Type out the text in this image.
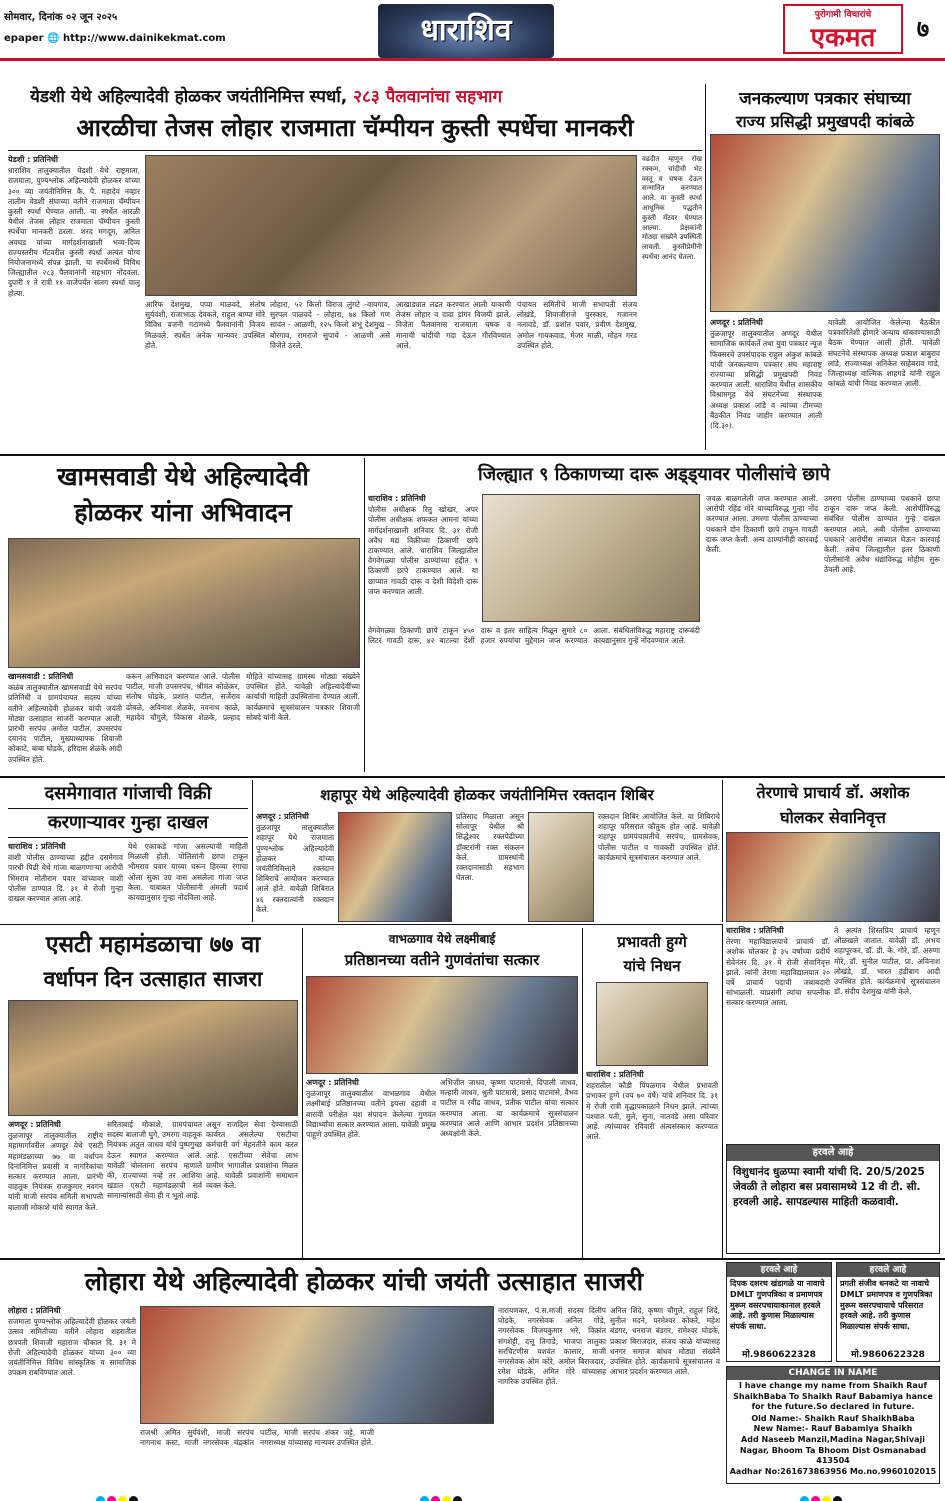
सोमवार, दिनांक ०२ जून २०२५
epaper 🌐 http://www.dainikekmat.com	धाराशिव	पुरोगामी विचारांचे
एकमत	७
येडशी येथे अहिल्यादेवी होळकर जयंतीनिमित्त स्पर्धा, २८३ पैलवानांचा सहभाग
आरळीचा तेजस लोहार राजमाता चॅम्पीयन कुस्ती स्पर्धेचा मानकरी
येडशी : प्रतिनिधी
धाराशिव तालुक्यातील येडशी येथे राष्ट्रमाता, राजमाता, पुण्यश्लोक अहिल्यादेवी होळकर यांच्या ३०० व्या जयंतीनिमित्त कै. पै. महादेव नव्हार तालीम येडशी संघाच्या वतीने राजमाता चॅम्पीयन कुस्ती स्पर्धा घेण्यात आली. या स्पर्धेत आरळी येथील तेजस लोहार राजमाता चॅम्पीयन कुस्ती स्पर्धेचा मानकरी ठरला. शरद मगदूम, अनिल अवघड यांच्या मार्गदर्शनाखाली भव्य-दिव्य राज्यस्तरीय मॅटवरील कुस्ती स्पर्धा अत्यंत योग्य नियोजनामध्ये संपन्न झाली. या स्पर्धेमध्ये विविध जिल्ह्यातील २८३ पैलवानांनी सहभाग नोंदवला. दुपारी १ ते रात्री ११ वाजेपर्यंत सलग स्पर्धा चालू होत्या.
आरिफ देशमुख, पप्पा माळवदे, संतोष सुर्यवंशी, राजाभाऊ देवकते, राहुल बाप्पा मोरे विविध वजनी गटामध्ये पैलवानांनी विजय मिळवले. स्पर्धेत अनेक मान्यवर उपस्थित होते.
लोहारा, ५२ किलो विराज लुंगटे -वायगाव, सुरपल पाळवदे - लोहारा, ७४ किलो गण सावंत - आळणी, १२५ किलो शंभू देशमुख - बोरगाव, रामराजे सुपाचे - आळणी असे विजेते ठरले.
आखाड्यात लढत करण्यात आली याकामी तेजस लोहार व दादा डांगर विजयी झाले. विजेता पैलवानास राजमाता चषक व मानाची चांदीची गदा देऊन गौरविण्यात आले.
पंचायत समितीचे माजी सभापती संजय लोखंडे, शिवाजीराजे पुरस्कार, गजानन नलावडे, डॉ. प्रशांत पवार, प्रवीण देशमुख, अमोल गायकवाड, मेजर माळी, मोहन गरड उपस्थित होते.
वढदीत म्हणून रोख रक्कम, चांदीची भेट वस्तू व चषक देऊन सन्मानित करण्यात आले. या कुस्ती स्पर्धा आधुनिक पद्धतीने कुस्ती मॅटवर घेण्यात आल्या. प्रेक्षकांनी मोठ्या संख्येने उपस्थिती लावली. कुस्तीप्रेमींनी स्पर्धेचा आनंद घेतला.
जनकल्याण पत्रकार संघाच्या
राज्य प्रसिद्धी प्रमुखपदी कांबळे
अणदूर : प्रतिनिधी
तुळजापूर तालुक्यातील अणदूर येथील सामाजिक कार्यकर्ते तथा युवा पत्रकार न्यूज फिक्सरचे उपसंपादक राहुल अंकुश कांबळे यांची जनकल्याण पत्रकार संघ महाराष्ट्र राज्याच्या प्रसिद्धी प्रमुखपदी निवड करण्यात आली. धाराशिव येथील शासकीय विश्रामगृह येथे संघटनेच्या संस्थापक अध्यक्ष प्रकाश लांडे व त्यांच्या टीमच्या बैठकीत निवड जाहीर करण्यात आली (दि.३०).
यावेळी आयोजित केलेल्या बैठकीत पत्रकारितेशी होणारे अन्याय थांबवण्यासाठी बैठक घेण्यात आली होती. यावेळी संघटनेचे संस्थापक अध्यक्ष प्रकाश बाबुराव लांडे, राज्याध्यक्ष अनिकेत साहेबराव गाडे, जिल्हाध्यक्ष वाल्मिक शाहगडे यांनी राहुल कांबळे यांची निवड करण्यात आली.
खामसवाडी येथे अहिल्यादेवी
होळकर यांना अभिवादन
खामसवाडी : प्रतिनिधी
कळंब तालुक्यातील खामसवाडी येथे सरपंच प्रतिनिधी व ग्रामपंचायत सदस्य यांच्या वतीने अहिल्यादेवी होळकर यांची जयंती मोठ्या उत्साहात साजरी करण्यात आली. प्रारंभी सरपंच अमोल पाटील, उपसरपंच दयानंद पाटील, मुख्याध्यापक शिवाजी कोकाटे, बाबा घोडके, हरिदास शेळके आदी उपस्थित होते.
करून अभिवादन करण्यात आले. पोलीस पाटील, माजी उपसरपंच, श्रीमंत कोळेकर, संतोष घोडके, प्रशांत पाटील, सर्जेराव ढोबळे, अविनाश शेळके, नवनाथ काळे, महादेव चौगुले, विकास शेळके, प्रल्हाद मोहिते यांच्यासह ग्रामस्थ मोठ्या संख्येने उपस्थित होते. यावेळी अहिल्यादेवींच्या कार्याची माहिती उपस्थितांना देण्यात आली. कार्यक्रमाचे सूत्रसंचालन पत्रकार शिवाजी सोबदे यांनी केले.
जिल्ह्यात ९ ठिकाणच्या दारू अड्ड्यावर पोलीसांचे छापे
धाराशिव : प्रतिनिधी
पोलीस अधीक्षक रितु खोखर, अपर पोलीस अधीक्षक शफकत आमना यांच्या मार्गदर्शनाखाली शनिवार दि. ३१ रोजी अवैध मद्य विक्रीच्या ठिकाणी छापे टाकण्यात आले. धाराशिव जिल्ह्यातील वेगवेगळ्या पोलीस ठाण्यांच्या हद्दीत ९ ठिकाणी छापे टाकण्यात आले. या छाप्यात गावठी दारू व देशी विदेशी दारू जप्त करण्यात आली.
वेगवेगळ्या ठिकाणी छापे टाकून ४५० लिटर गावठी दारू, ४२ बाटल्या देशी दारू व इतर साहित्य मिळून सुमारे ८० हजार रुपयांचा मुद्देमाल जप्त करण्यात आला. संबंधितांविरुद्ध महाराष्ट्र दारूबंदी कायद्यानुसार गुन्हे नोंदवण्यात आले.
जवळ बाळगलेली जप्त करण्यात आली. आरोपी रहिंद्र मोरे याच्याविरुद्ध गुन्हा नोंद करण्यात आला. उमरगा पोलीस ठाण्याच्या पथकाने दोन ठिकाणी छापे टाकून गावठी दारू जप्त केली. अन्य ठाण्यांनीही कारवाई केली.
उमरगा पोलीस ठाण्याच्या पथकाने छापा टाकून दारू जप्त केली. आरोपींविरुद्ध संबंधित पोलीस ठाण्यात गुन्हे दाखल करण्यात आले. अंबी पोलीस ठाण्याच्या पथकाने आरोपीस ताब्यात घेऊन कारवाई केली. तसेच जिल्ह्यातील इतर ठिकाणी पोलीसांनी अवैध धंद्यांविरुद्ध मोहीम सुरू ठेवली आहे.
दसमेगावात गांजाची विक्री
करणाऱ्यावर गुन्हा दाखल
धाराशिव : प्रतिनिधी
वाशी पोलीस ठाण्याच्या हद्दीत दसमेगाव पारधी पिढी येथे गांजा बाळगणाऱ्या आरोपी भिमराव मोतीराम पवार यांच्यावर वाशी पोलीस ठाण्यात दि. ३१ मे रोजी गुन्हा दाखल करण्यात आला आहे.
येथे एकाकडे गांजा असल्याची माहिती मिळाली होती. पोलिसांनी छापा टाकून भीमराव पवार याच्या घरून हिरव्या रंगाचा ओला सुका उग्र वास असलेला गांजा जप्त केला. याबाबत पोलीसांनी अंमली पदार्थ कायद्यानुसार गुन्हा नोंदविला आहे.
शहापूर येथे अहिल्यादेवी होळकर जयंतीनिमित्त रक्तदान शिबिर
अणदूर : प्रतिनिधी
तुळजापूर तालुक्यातील शहापूर येथे राजमाता पुण्यश्लोक अहिल्यादेवी होळकर यांच्या जयंतीनिमित्ताने रक्तदान शिबिराचे आयोजन करण्यात आले होते. यावेळी शिबिरात ४६ रक्तदात्यांनी रक्तदान केले.
प्रतिसाद मिळाला असून सोलापूर येथील श्री सिद्धेश्वर रक्तपेढीच्या डॉक्टरांनी रक्त संकलन केले. ग्रामस्थांनी रक्तदानासाठी सहभाग घेतला.
रक्तदान शिबिर आयोजित केले. या शिबिराचे शहापूर परिसरात कौतुक होत आहे. यावेळी शहापूर ग्रामपंचायतीचे सरपंच, ग्रामसेवक, पोलीस पाटील व गावकरी उपस्थित होते. कार्यक्रमाचे सूत्रसंचालन करण्यात आले.
तेरणाचे प्राचार्य डॉ. अशोक
घोलकर सेवानिवृत्त
एसटी महामंडळाचा ७७ वा
वर्धापन दिन उत्साहात साजरा
अणदूर : प्रतिनिधी
तुळजापूर तालुक्यातील राष्ट्रीय महामार्गावरील अणदूर येथे एसटी महामंडळाच्या ७७ वा वर्धापन दिनानिमित्त प्रवासी व नागरिकांचा सत्कार करण्यात आला. प्रारंभी वाहतूक नियंत्रक राजकुमार नवगन यांनी माजी सरपंच समिती सभापती बालाजी मोकाशे यांचे स्वागत केले.
सरिताबाई मोकाशे, ग्रामपंचायत सदस्य बालाजी घुगे, उमरगा वाहतूक नियंत्रक अतुल जाधव यांचे पुष्पगुच्छ देऊन स्वागत करण्यात आले. यावेळी बोलताना सरपंच म्हणाले की, राज्याच्या नव्हे तर आशिया खंडात एसटी महामंडळाची सर्व सामान्यांसाठी सेवा ही न भूतो आहे.
असून राजदिल सेवा देण्यासाठी कार्यरत असलेल्या एसटीचा कर्मचारी वर्ग मेहनतीने काम करत आहे. एसटीच्या सेवेचा लाभ ग्रामीण भागातील प्रवाशांना मिळत आहे. यावेळी प्रवाशांनी समाधान व्यक्त केले.
वाभळगाव येथे लक्ष्मीबाई
प्रतिष्ठानच्या वतीने गुणवंतांचा सत्कार
अणदूर : प्रतिनिधी
तुळजापूर तालुक्यातील वाभळगाव येथील लक्ष्मीबाई प्रतिष्ठानच्या वतीने इयत्ता दहावी व बारावी परीक्षेत यश संपादन केलेल्या गुणवंत विद्यार्थ्यांचा सत्कार करण्यात आला. यावेळी प्रमुख पाहुणे उपस्थित होते.
अभिजीत जाधव, कृष्णा पाटमासे, दिपाली जाधव, मल्हारी जाधव, श्रुती पाटमासे, प्रसाद पाटमासे, वैभव पाटील व रवींद्र जाधव, प्रतीक पाटील यांचा सत्कार करण्यात आला. या कार्यक्रमाचे सूत्रसंचालन करण्यात आले आणि आभार प्रदर्शन प्रतिष्ठानच्या अध्यक्षांनी केले.
प्रभावती हुग्गे
यांचे निधन
धाराशिव : प्रतिनिधी
शहरातील कौडी पिंपळगाव येथील प्रभावती प्रभाकर हुग्गे (वय ७० वर्षे) यांचे शनिवार दि. ३१ मे रोजी रात्री वृद्धापकाळाने निधन झाले. त्यांच्या पश्चात पती, मुले, सुना, नातवंडे असा परिवार आहे. त्यांच्यावर रविवारी अंत्यसंस्कार करण्यात आले.
धाराशिव : प्रतिनिधी
तेरणा महाविद्यालयाचे प्राचार्य डॉ. अशोक घोलकर हे ३५ वर्षांच्या प्रदीर्घ सेवेनंतर दि. ३१ मे रोजी सेवानिवृत्त झाले. त्यांनी तेरणा महाविद्यालयात २० वर्षे प्राचार्य पदाची जबाबदारी सांभाळली. याप्रसंगी त्यांचा सपत्नीक सत्कार करण्यात आला.
ते अत्यंत शिस्तप्रिय प्राचार्य म्हणून ओळखले जातात. यावेळी डॉ. अभय शहापूरकर, डॉ. डी. के. गोरे, डॉ. अरुणा मोरे, डॉ. सुनील पाटील, प्रा. अविनाश लोखंडे, डॉ. भारत हंडीबाग आदी उपस्थित होते. कार्यक्रमाचे सूत्रसंचालन डॉ. संदीप देशमुख यांनी केले.
हरवले आहे
विशुधानंद धुळप्पा स्वामी यांची दि. 20/5/2025 जेवळी ते लोहारा बस प्रवासामध्ये 12 वी टी. सी. हरवली आहे. सापडल्यास माहिती कळवावी.
हरवले आहे
दिपक दशरथ खंडागळे या नावाचे DMLT गुणपत्रिका व प्रमाणपत्र मुरूम वसरपचायाकानाल हरवले आहे. तरी कुणास मिळाल्यास संपर्क साधा.
मो.9860622328
हरवले आहे
प्रगती संजीव धनकटे या नावाचे DMLT प्रमाणपत्र व गुणपत्रिका मुरूम वसरपचायाचे परिसरात हरवले आहे. तरी कुणास मिळाल्यास संपर्क साधा.
मो.9860622328
CHANGE IN NAME
I have change my name from Shaikh Rauf ShaikhBaba To Shaikh Rauf Babamiya hance for the future.So declared in future.
Old Name:- Shaikh Rauf ShaikhBaba
New Name:- Rauf Babamiya Shaikh
Add Naseeb Manzil,Madina Nagar,Shivaji Nagar, Bhoom Ta Bhoom Dist Osmanabad 413504
Aadhar No:261673863956 Mo.no.9960102015
लोहारा येथे अहिल्यादेवी होळकर यांची जयंती उत्साहात साजरी
लोहारा : प्रतिनिधी
राजमाता पुण्यश्लोक अहिल्यादेवी होळकर जयंती उत्सव समितीच्या वतीने लोहारा शहरातील छत्रपती शिवाजी महाराज चौकात दि. ३१ मे रोजी अहिल्यादेवी होळकर यांच्या ३०० व्या जयंतीनिमित्त विविध सांस्कृतिक व सामाजिक उपक्रम राबविण्यात आले.
राजश्री अमित सुर्यवंशी, माजी सरपंच नागनाथ कस्ट, माजी नगरसेवक चंद्रकांत पाटील, माजी सरपंच शंकर जट्टे, माजी नगराध्यक्ष यांच्यासह मान्यवर उपस्थित होते.
नारायणकर, पं.स.माजी सदस्य दिलीप घोडके, नगरसेवक अनिल गोडे, नगरसेवक विजयकुमार भरे, विक्रांत संगशेट्टी, दत्तू तिगाडे, भाजपा तालुका सरचिटणीस यशवंत कासार, माजी नगरसेवक ओम कोरे, अमोल बिराजदार, रमेश घोडके, अमित गोरे यांच्यासह नागरिक उपस्थित होते.
अनिल शिंदे, कृष्णा चौगुले, राहुल शिंदे, सुनील मदने, परमेश्वर कोकरे, महेश बंडगर, धनराज बंडगर, रामेश्वर घोडके, प्रकाश बिराजदार, संजय काळे यांच्यासह धनगर समाज बांधव मोठ्या संख्येने उपस्थित होते. कार्यक्रमाचे सूत्रसंचालन व आभार प्रदर्शन करण्यात आले.
